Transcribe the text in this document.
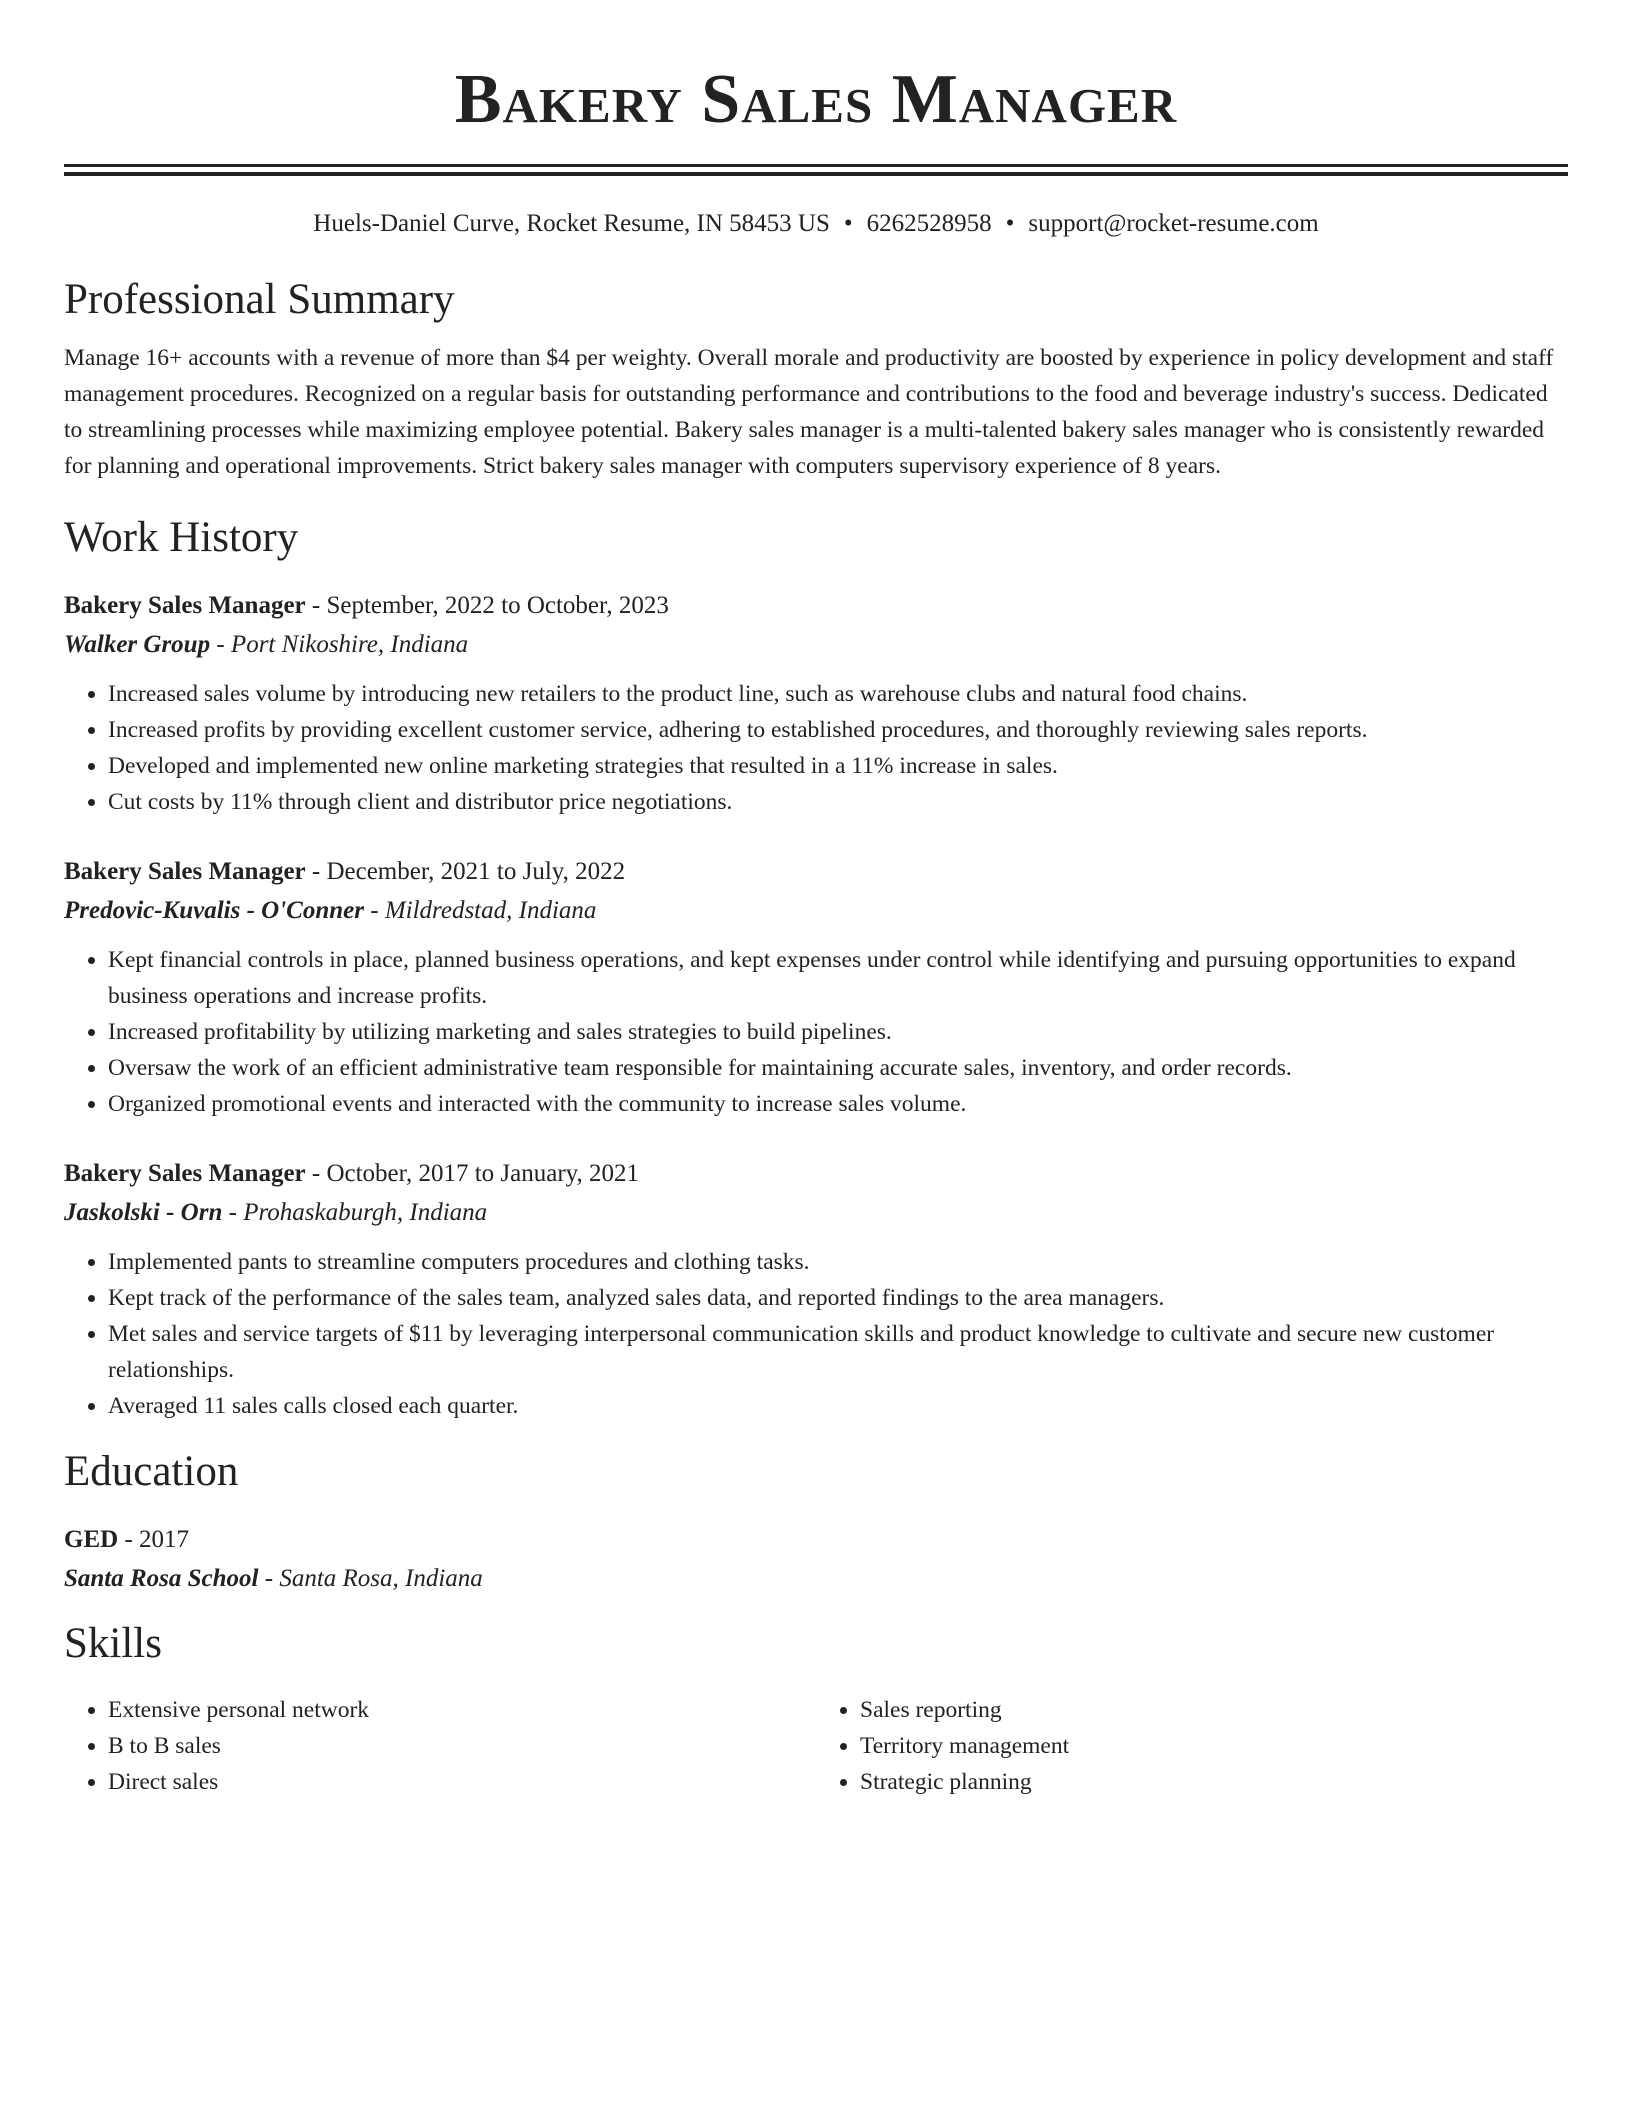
Bakery Sales Manager
Huels-Daniel Curve, Rocket Resume, IN 58453 US • 6262528958 • support@rocket-resume.com
Professional Summary

Manage 16+ accounts with a revenue of more than $4 per weighty. Overall morale and productivity are boosted by experience in policy development and staff management procedures. Recognized on a regular basis for outstanding performance and contributions to the food and beverage industry's success. Dedicated to streamlining processes while maximizing employee potential. Bakery sales manager is a multi-talented bakery sales manager who is consistently rewarded for planning and operational improvements. Strict bakery sales manager with computers supervisory experience of 8 years.

Work History

Bakery Sales Manager - September, 2022 to October, 2023

Walker Group - Port Nikoshire, Indiana

• Increased sales volume by introducing new retailers to the product line, such as warehouse clubs and natural food chains.
• Increased profits by providing excellent customer service, adhering to established procedures, and thoroughly reviewing sales reports.
• Developed and implemented new online marketing strategies that resulted in a 11% increase in sales.
• Cut costs by 11% through client and distributor price negotiations.

Bakery Sales Manager - December, 2021 to July, 2022

Predovic-Kuvalis - O'Conner - Mildredstad, Indiana

• Kept financial controls in place, planned business operations, and kept expenses under control while identifying and pursuing opportunities to expand business operations and increase profits.
• Increased profitability by utilizing marketing and sales strategies to build pipelines.
• Oversaw the work of an efficient administrative team responsible for maintaining accurate sales, inventory, and order records.
• Organized promotional events and interacted with the community to increase sales volume.

Bakery Sales Manager - October, 2017 to January, 2021

Jaskolski - Orn - Prohaskaburgh, Indiana

• Implemented pants to streamline computers procedures and clothing tasks.
• Kept track of the performance of the sales team, analyzed sales data, and reported findings to the area managers.
• Met sales and service targets of $11 by leveraging interpersonal communication skills and product knowledge to cultivate and secure new customer relationships.
• Averaged 11 sales calls closed each quarter.
Education

GED - 2017

Santa Rosa School - Santa Rosa, Indiana

Skills
• Extensive personal network
• B to B sales
• Direct sales
• Sales reporting
• Territory management
• Strategic planning
